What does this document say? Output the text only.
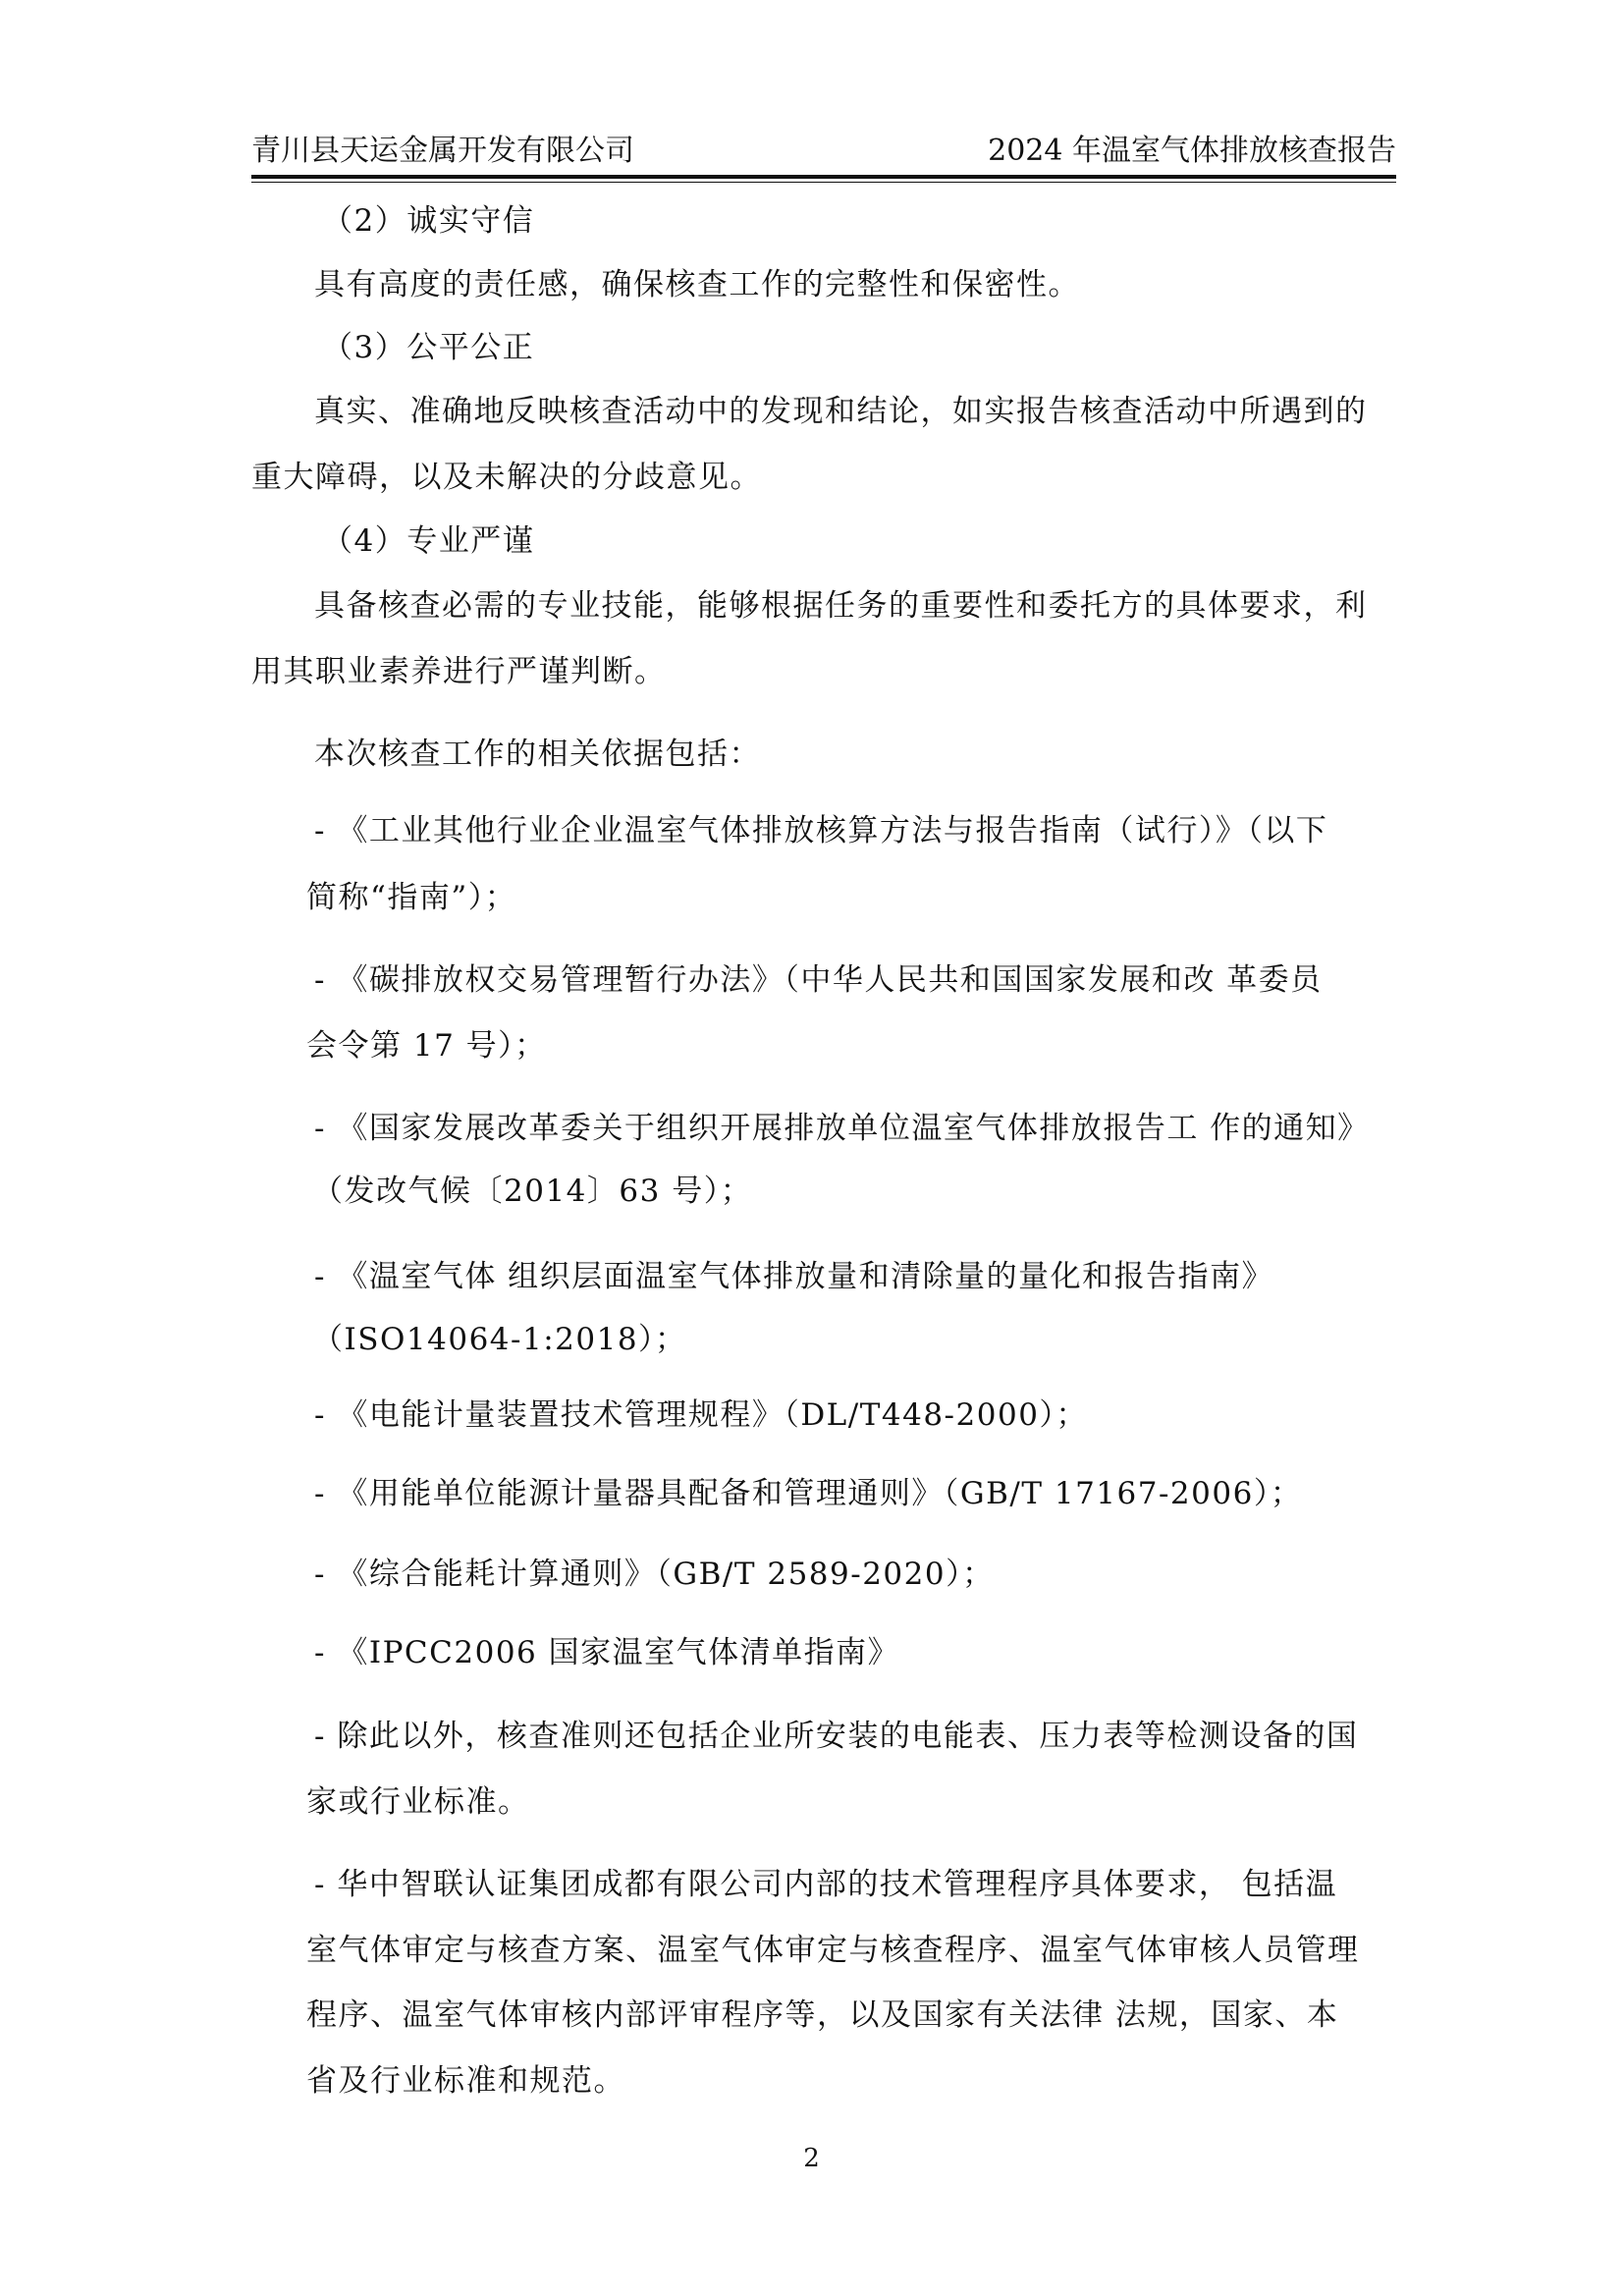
青川县天运金属开发有限公司	2024 年温室气体排放核查报告
（2）诚实守信
具有高度的责任感，确保核查工作的完整性和保密性。
（3）公平公正
真实、准确地反映核查活动中的发现和结论，如实报告核查活动中所遇到的
重大障碍，以及未解决的分歧意见。
（4）专业严谨
具备核查必需的专业技能，能够根据任务的重要性和委托方的具体要求，利
用其职业素养进行严谨判断。
本次核查工作的相关依据包括：
- 《工业其他行业企业温室气体排放核算方法与报告指南（试行）》（以下
简称“指南”）；
- 《碳排放权交易管理暂行办法》（中华人民共和国国家发展和改 革委员
会令第 17 号）；
- 《国家发展改革委关于组织开展排放单位温室气体排放报告工 作的通知》
（发改气候〔2014〕63 号）；
- 《温室气体 组织层面温室气体排放量和清除量的量化和报告指南》
（ISO14064-1:2018）；
- 《电能计量装置技术管理规程》（DL/T448-2000）；
- 《用能单位能源计量器具配备和管理通则》（GB/T 17167-2006）；
- 《综合能耗计算通则》（GB/T 2589-2020）；
- 《IPCC2006 国家温室气体清单指南》
- 除此以外，核查准则还包括企业所安装的电能表、压力表等检测设备的国
家或行业标准。
- 华中智联认证集团成都有限公司内部的技术管理程序具体要求， 包括温
室气体审定与核查方案、温室气体审定与核查程序、温室气体审核人员管理
程序、温室气体审核内部评审程序等，以及国家有关法律 法规，国家、本
省及行业标准和规范。
2
